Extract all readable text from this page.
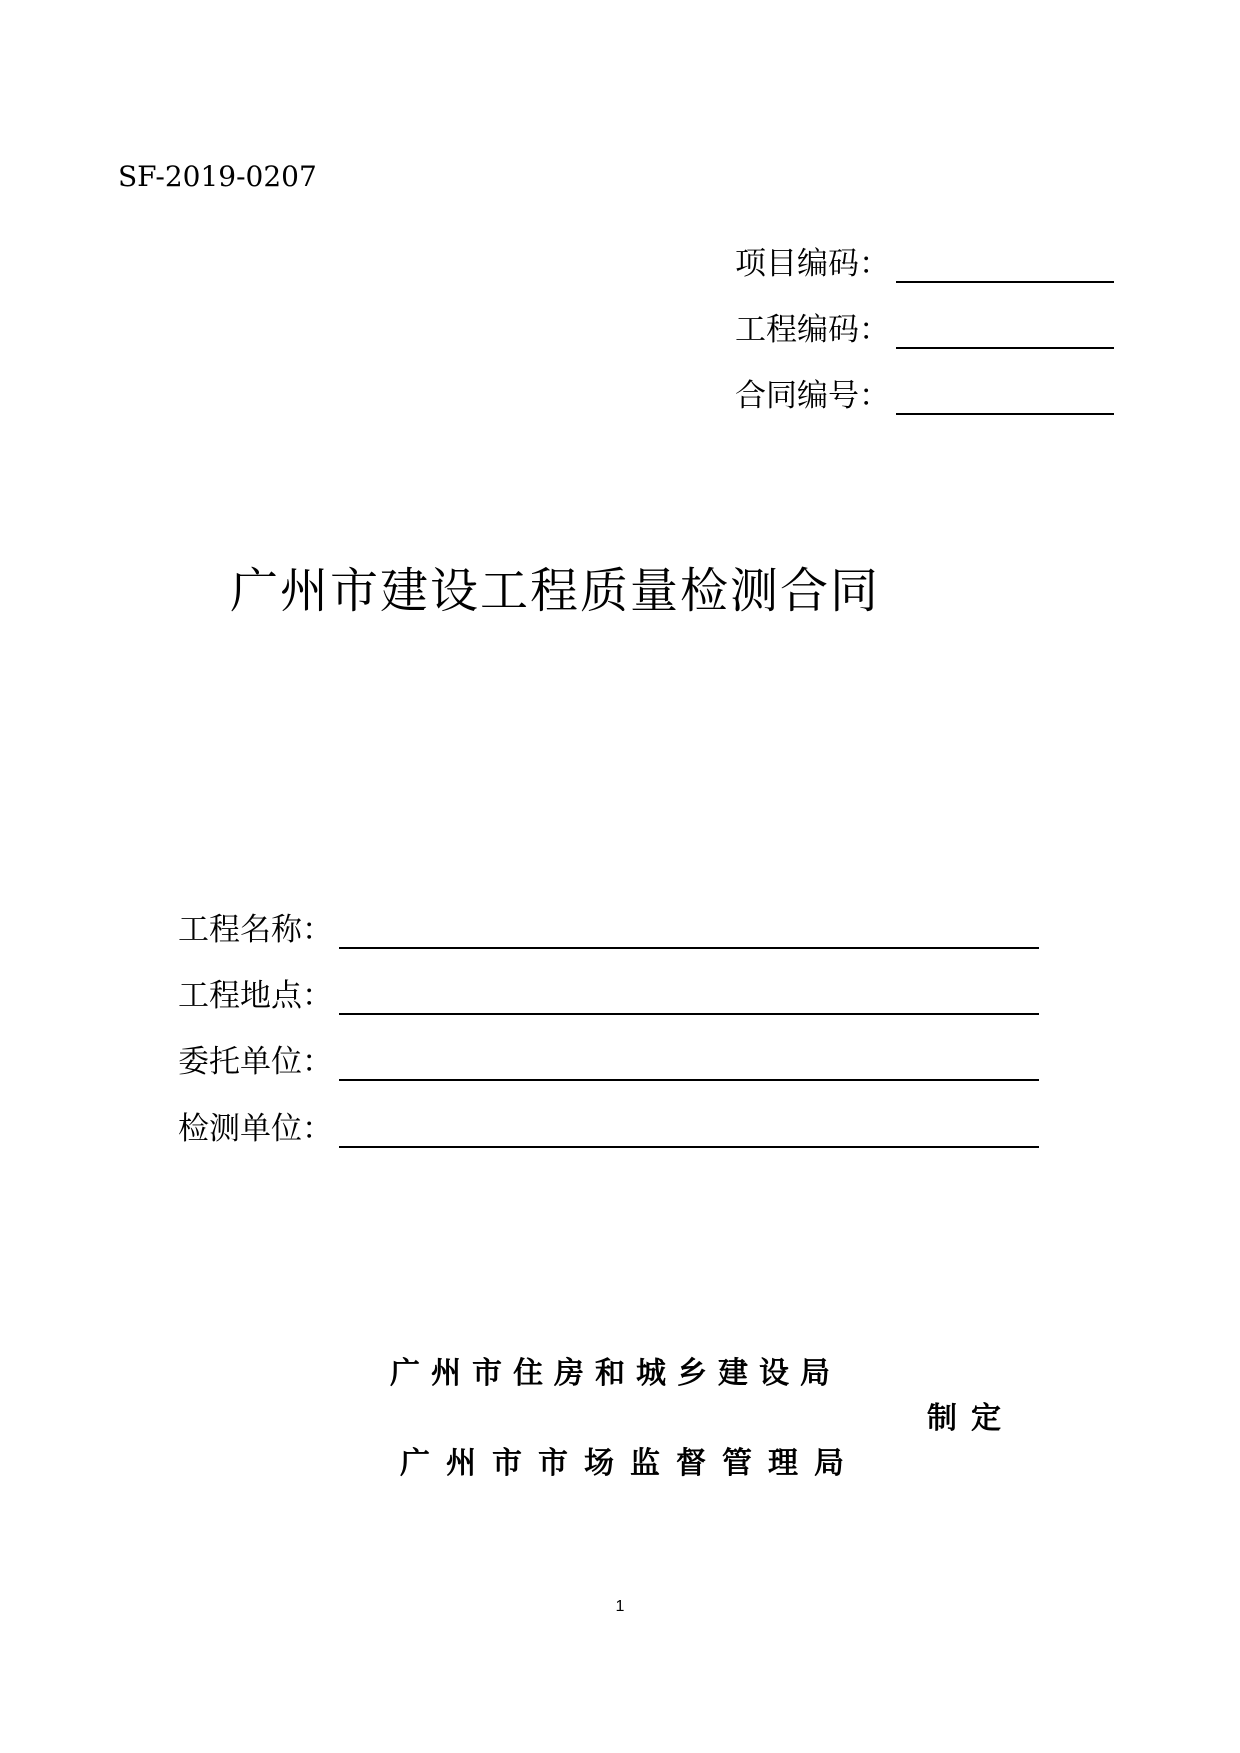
SF-2019-0207
项目编码：
工程编码：
合同编号：
广州市建设工程质量检测合同
工程名称：
工程地点：
委托单位：
检测单位：
广州市住房和城乡建设局
制定
广州市市场监督管理局
1
